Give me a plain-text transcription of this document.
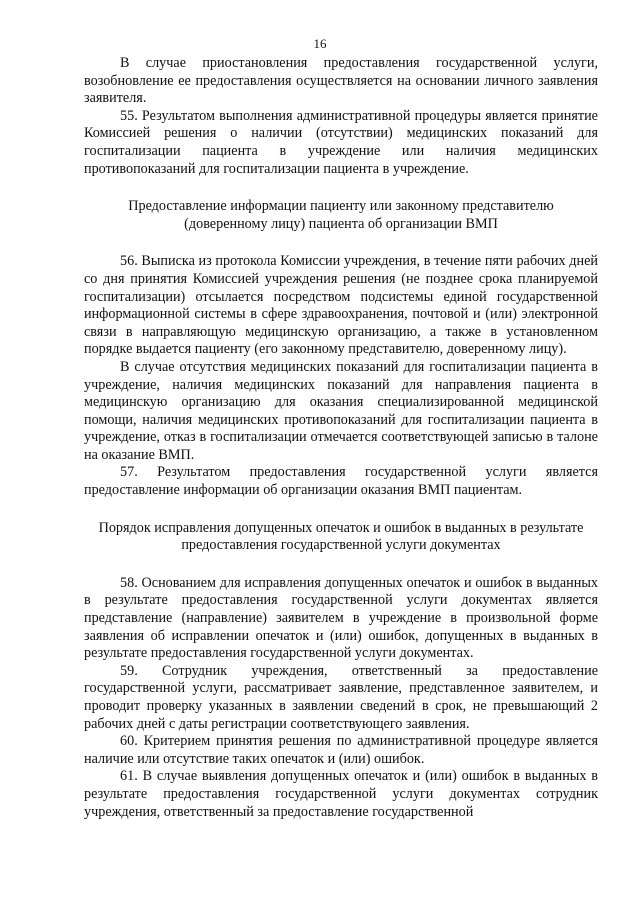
16

В случае приостановления предоставления государственной услуги, возобновление ее предоставления осуществляется на основании личного заявления заявителя.

55. Результатом выполнения административной процедуры является принятие Комиссией решения о наличии (отсутствии) медицинских показаний для госпитализации пациента в учреждение или наличия медицинских противопоказаний для госпитализации пациента в учреждение.

Предоставление информации пациенту или законному представителю (доверенному лицу) пациента об организации ВМП

56. Выписка из протокола Комиссии учреждения, в течение пяти рабочих дней со дня принятия Комиссией учреждения решения (не позднее срока планируемой госпитализации) отсылается посредством подсистемы единой государственной информационной системы в сфере здравоохранения, почтовой и (или) электронной связи в направляющую медицинскую организацию, а также в установленном порядке выдается пациенту (его законному представителю, доверенному лицу).

В случае отсутствия медицинских показаний для госпитализации пациента в учреждение, наличия медицинских показаний для направления пациента в медицинскую организацию для оказания специализированной медицинской помощи, наличия медицинских противопоказаний для госпитализации пациента в учреждение, отказ в госпитализации отмечается соответствующей записью в талоне на оказание ВМП.

57. Результатом предоставления государственной услуги является предоставление информации об организации оказания ВМП пациентам.

Порядок исправления допущенных опечаток и ошибок в выданных в результате предоставления государственной услуги документах

58. Основанием для исправления допущенных опечаток и ошибок в выданных в результате предоставления государственной услуги документах является представление (направление) заявителем в учреждение в произвольной форме заявления об исправлении опечаток и (или) ошибок, допущенных в выданных в результате предоставления государственной услуги документах.

59. Сотрудник учреждения, ответственный за предоставление государственной услуги, рассматривает заявление, представленное заявителем, и проводит проверку указанных в заявлении сведений в срок, не превышающий 2 рабочих дней с даты регистрации соответствующего заявления.

60. Критерием принятия решения по административной процедуре является наличие или отсутствие таких опечаток и (или) ошибок.

61. В случае выявления допущенных опечаток и (или) ошибок в выданных в результате предоставления государственной услуги документах сотрудник учреждения, ответственный за предоставление государственной
